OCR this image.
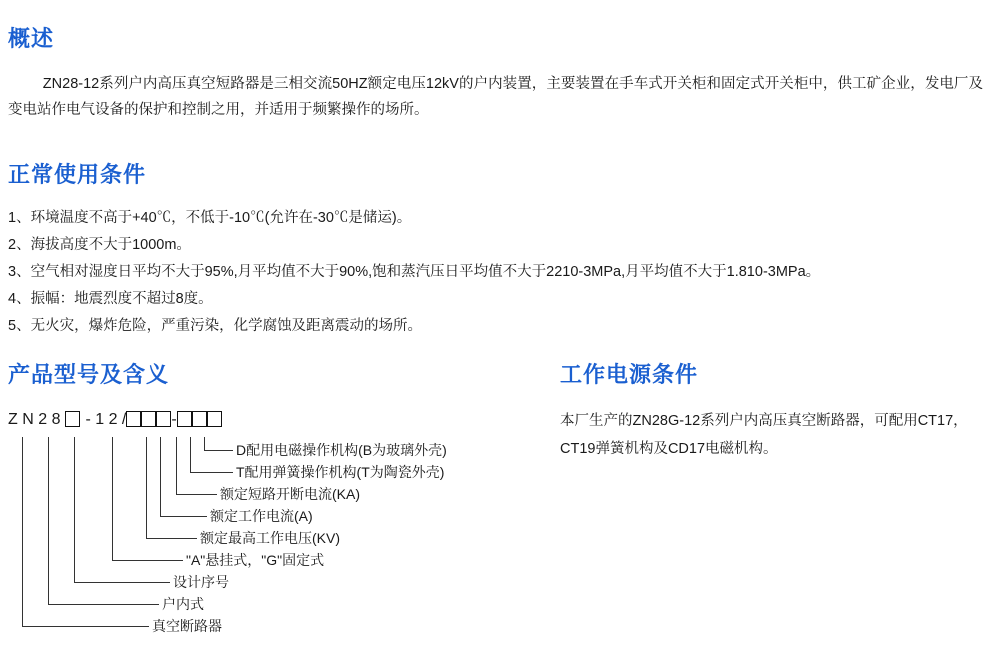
概述
ZN28-12系列户内高压真空短路器是三相交流50HZ额定电压12kV的户内装置，主要装置在手车式开关柜和固定式开关柜中，供工矿企业，发电厂及变电站作电气设备的保护和控制之用，并适用于频繁操作的场所。
正常使用条件
1、环境温度不高于+40℃，不低于-10℃(允许在-30℃是储运)。
2、海拔高度不大于1000m。
3、空气相对湿度日平均不大于95%,月平均值不大于90%,饱和蒸汽压日平均值不大于2210-3MPa,月平均值不大于1.810-3MPa。
4、振幅：地震烈度不超过8度。
5、无火灾，爆炸危险，严重污染，化学腐蚀及距离震动的场所。
产品型号及含义
Z N 2 8 - 1 2 /	-
D配用电磁操作机构(B为玻璃外壳)
T配用弹簧操作机构(T为陶瓷外壳)
额定短路开断电流(KA)
额定工作电流(A)
额定最高工作电压(KV)
"A"悬挂式，"G"固定式
设计序号
户内式
真空断路器
工作电源条件
本厂生产的ZN28G-12系列户内高压真空断路器，可配用CT17，CT19弹簧机构及CD17电磁机构。
